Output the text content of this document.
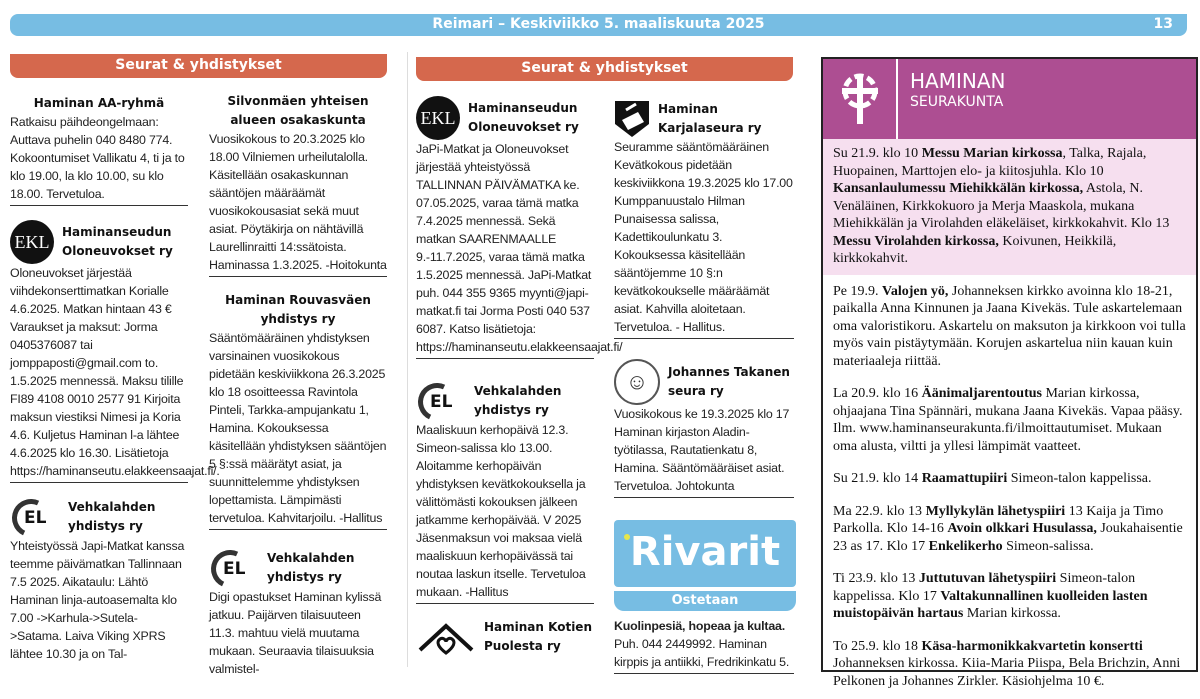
Reimari – Keskiviikko 5. maaliskuuta 2025	13
Seurat & yhdistykset	Seurat & yhdistykset
Haminan AA-ryhmä

Ratkaisu päihdeongelmaan: Auttava puhelin 040 8480 774. Kokoontumiset Vallikatu 4, ti ja to klo 19.00, la klo 10.00, su klo 18.00. Tervetuloa.

EKL	Haminanseudun
Oloneuvokset ry

Oloneuvokset järjestää viihdekonserttimatkan Korialle 4.6.2025. Matkan hintaan 43 € Varaukset ja maksut: Jorma 0405376087 tai jomppaposti@gmail.com to. 1.5.2025 mennessä. Maksu tilille FI89 4108 0010 2577 91 Kirjoita maksun viestiksi Nimesi ja Koria 4.6. Kuljetus Haminan l-a lähtee 4.6.2025 klo 16.30. Lisätietoja https://haminanseutu.elakkeensaajat.fi/.

EL
Vehkalahden
yhdistys ry

Yhteistyössä Japi-Matkat kanssa teemme päivämatkan Tallinnaan 7.5 2025. Aikataulu: Lähtö Haminan linja-autoasemalta klo 7.00 ->Karhula->Sutela->Satama. Laiva Viking XPRS lähtee 10.30 ja on Tal-

Silvonmäen yhteisen alueen osakaskunta

Vuosikokous to 20.3.2025 klo 18.00 Vilniemen urheilutalolla. Käsitellään osakaskunnan sääntöjen määräämät vuosikokousasiat sekä muut asiat. Pöytäkirja on nähtävillä Laurellinraitti 14:ssätoista. Haminassa 1.3.2025. -Hoitokunta

Haminan Rouvasväen yhdistys ry

Sääntömääräinen yhdistyksen varsinainen vuosikokous pidetään keskiviikkona 26.3.2025 klo 18 osoitteessa Ravintola Pinteli, Tarkka-ampujankatu 1, Hamina. Kokouksessa käsitellään yhdistyksen sääntöjen 5 §:ssä määrätyt asiat, ja suunnittelemme yhdistyksen lopettamista. Lämpimästi tervetuloa. Kahvitarjoilu. -Hallitus

EL
Vehkalahden
yhdistys ry

Digi opastukset Haminan kylissä jatkuu. Paijärven tilaisuuteen 11.3. mahtuu vielä muutama mukaan. Seuraavia tilaisuuksia valmistel-

EKL	Haminanseudun
Oloneuvokset ry

JaPi-Matkat ja Oloneuvokset järjestää yhteistyössä TALLINNAN PÄIVÄMATKA ke. 07.05.2025, varaa tämä matka 7.4.2025 mennessä. Sekä matkan SAARENMAALLE 9.-11.7.2025, varaa tämä matka 1.5.2025 mennessä. JaPi-Matkat puh. 044 355 9365 myynti@japi-matkat.fi tai Jorma Posti 040 537 6087. Katso lisätietoja: https://haminanseutu.elakkeensaajat.fi/

EL
Vehkalahden
yhdistys ry

Maaliskuun kerhopäivä 12.3. Simeon-salissa klo 13.00. Aloitamme kerhopäivän yhdistyksen kevätkokouksella ja välittömästi kokouksen jälkeen jatkamme kerhopäivää. V 2025 Jäsenmaksun voi maksaa vielä maaliskuun kerhopäivässä tai noutaa laskun itselle. Tervetuloa mukaan. -Hallitus

Haminan Kotien
Puolesta ry
Haminan
Karjalaseura ry

Seuramme sääntömääräinen Kevätkokous pidetään keskiviikkona 19.3.2025 klo 17.00 Kumppanuustalo Hilman Punaisessa salissa, Kadettikoulunkatu 3. Kokouksessa käsitellään sääntöjemme 10 §:n kevätkokoukselle määräämät asiat. Kahvilla aloitetaan. Tervetuloa. - Hallitus.

☺	Johannes Takanen
seura ry

Vuosikokous ke 19.3.2025 klo 17 Haminan kirjaston Aladin-työtilassa, Rautatienkatu 8, Hamina. Sääntömääräiset asiat. Tervetuloa. Johtokunta

Rivarit
Ostetaan

Kuolinpesiä, hopeaa ja kultaa.

Puh. 044 2449992. Haminan kirppis ja antiikki, Fredrikinkatu 5.

HAMINAN
SEURAKUNTA
Su 21.9. klo 10 Messu Marian kirkossa, Talka, Rajala, Huopainen, Marttojen elo- ja kiitosjuhla. Klo 10 Kansanlaulumessu Miehikkälän kirkossa, Astola, N. Venäläinen, Kirkkokuoro ja Merja Maaskola, mukana Miehikkälän ja Virolahden eläkeläiset, kirkkokahvit. Klo 13 Messu Virolahden kirkossa, Koivunen, Heikkilä, kirkkokahvit.
Pe 19.9. Valojen yö, Johanneksen kirkko avoinna klo 18-21, paikalla Anna Kinnunen ja Jaana Kivekäs. Tule askartelemaan oma valoristikoru. Askartelu on maksuton ja kirkkoon voi tulla myös vain pistäytymään. Korujen askartelua niin kauan kuin materiaaleja riittää.
La 20.9. klo 16 Äänimaljarentoutus Marian kirkossa, ohjaajana Tina Spännäri, mukana Jaana Kivekäs. Vapaa pääsy. Ilm. www.haminanseurakunta.fi/ilmoittautumiset. Mukaan oma alusta, viltti ja yllesi lämpimät vaatteet.
Su 21.9. klo 14 Raamattupiiri Simeon-talon kappelissa.
Ma 22.9. klo 13 Myllykylän lähetyspiiri 13 Kaija ja Timo Parkolla. Klo 14-16 Avoin olkkari Husulassa, Joukahaisentie 23 as 17. Klo 17 Enkelikerho Simeon-salissa.
Ti 23.9. klo 13 Juttutuvan lähetyspiiri Simeon-talon kappelissa. Klo 17 Valtakunnallinen kuolleiden lasten muistopäivän hartaus Marian kirkossa.
To 25.9. klo 18 Käsa-harmonikkakvartetin konsertti Johanneksen kirkossa. Kiia-Maria Piispa, Bela Brichzin, Anni Pelkonen ja Johannes Zirkler. Käsiohjelma 10 €.
